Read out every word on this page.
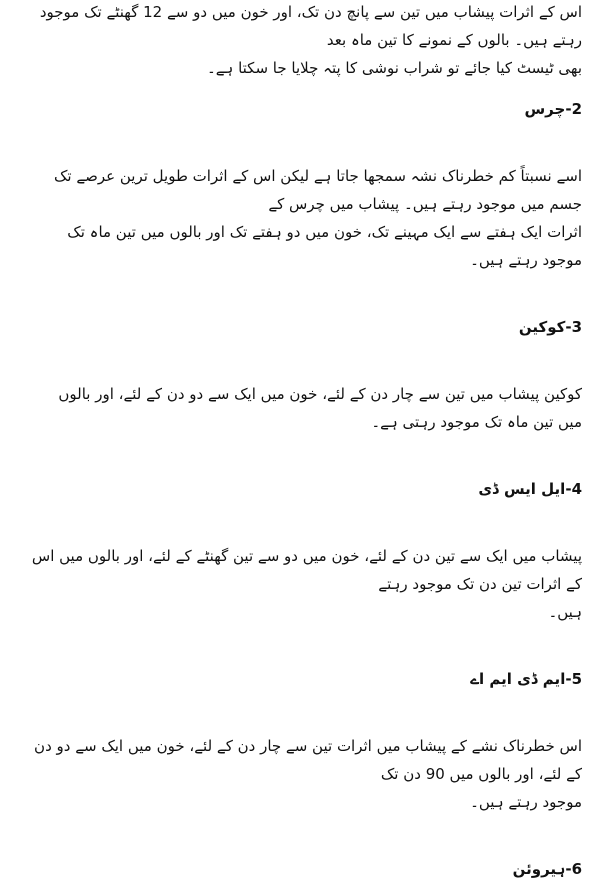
اس کے اثرات پیشاب میں تین سے پانچ دن تک، اور خون میں دو سے 12 گھنٹے تک موجود رہتے ہیں۔ بالوں کے نمونے کا تین ماہ بعد
بھی ٹیسٹ کیا جائے تو شراب نوشی کا پتہ چلایا جا سکتا ہے۔

2-چرس

اسے نسبتاً کم خطرناک نشہ سمجھا جاتا ہے لیکن اس کے اثرات طویل ترین عرصے تک جسم میں موجود رہتے ہیں۔ پیشاب میں چرس کے
اثرات ایک ہفتے سے ایک مہینے تک، خون میں دو ہفتے تک اور بالوں میں تین ماہ تک موجود رہتے ہیں۔

3-کوکین

کوکین پیشاب میں تین سے چار دن کے لئے، خون میں ایک سے دو دن کے لئے، اور بالوں میں تین ماہ تک موجود رہتی ہے۔

4-ایل ایس ڈی

پیشاب میں ایک سے تین دن کے لئے، خون میں دو سے تین گھنٹے کے لئے، اور بالوں میں اس کے اثرات تین دن تک موجود رہتے
ہیں۔

5-ایم ڈی ایم اے

اس خطرناک نشے کے پیشاب میں اثرات تین سے چار دن کے لئے، خون میں ایک سے دو دن کے لئے، اور بالوں میں 90 دن تک
موجود رہتے ہیں۔

6-ہیروئن
